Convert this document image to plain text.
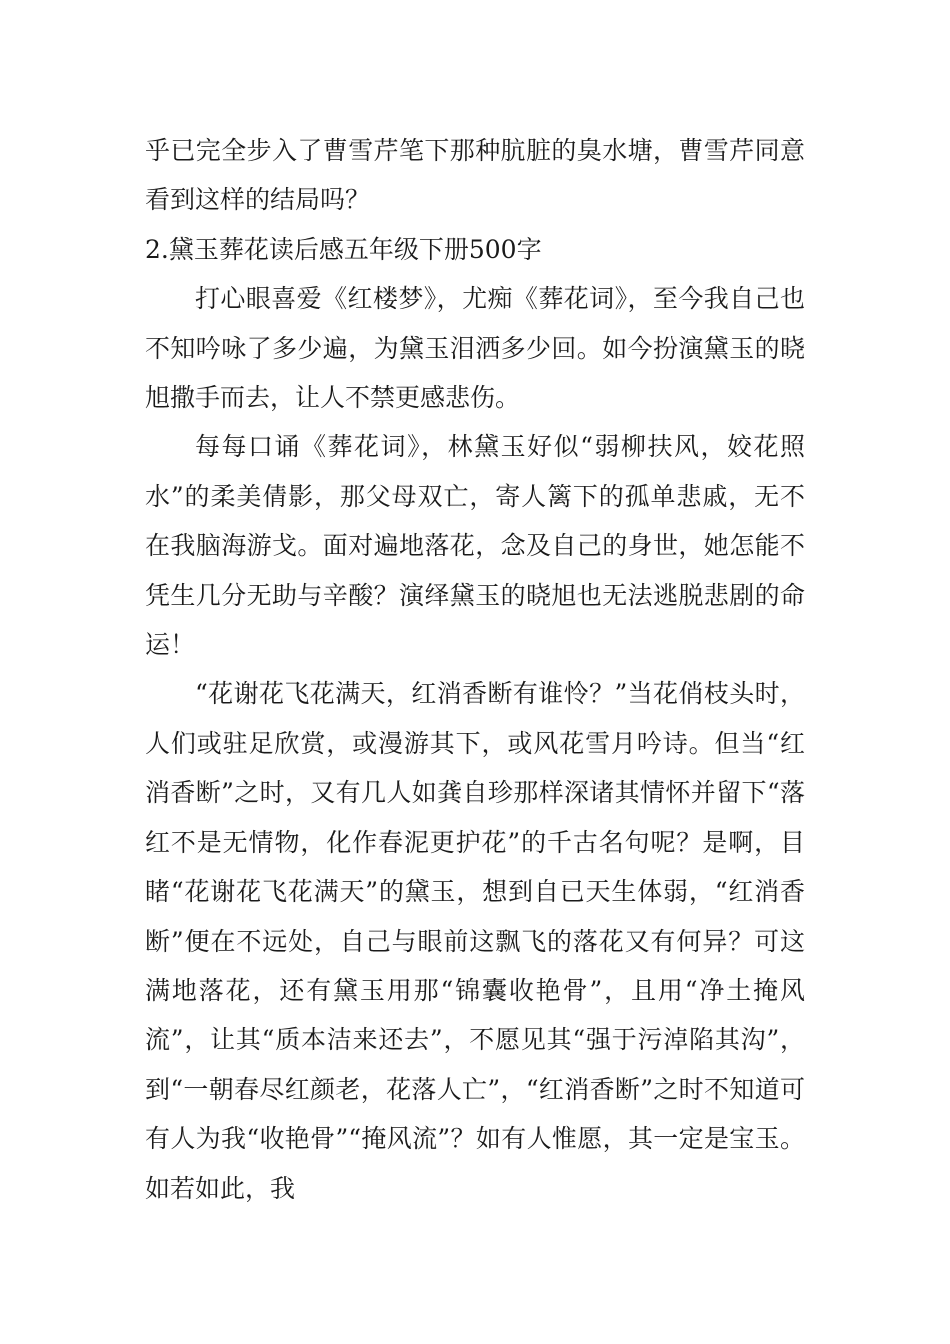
乎已完全步入了曹雪芹笔下那种肮脏的臭水塘，曹雪芹同意看到这样的结局吗？

2.黛玉葬花读后感五年级下册500字

打心眼喜爱《红楼梦》，尤痴《葬花词》，至今我自己也不知吟咏了多少遍，为黛玉泪洒多少回。如今扮演黛玉的晓旭撒手而去，让人不禁更感悲伤。

每每口诵《葬花词》，林黛玉好似“弱柳扶风，姣花照水”的柔美倩影，那父母双亡，寄人篱下的孤单悲戚，无不在我脑海游戈。面对遍地落花，念及自己的身世，她怎能不凭生几分无助与辛酸？演绎黛玉的晓旭也无法逃脱悲剧的命运！

“花谢花飞花满天，红消香断有谁怜？”当花俏枝头时，人们或驻足欣赏，或漫游其下，或风花雪月吟诗。但当“红消香断”之时，又有几人如龚自珍那样深诸其情怀并留下“落红不是无情物，化作春泥更护花”的千古名句呢？是啊，目睹“花谢花飞花满天”的黛玉，想到自已天生体弱，“红消香断”便在不远处，自己与眼前这飘飞的落花又有何异？可这满地落花，还有黛玉用那“锦囊收艳骨”，且用“净土掩风流”，让其“质本洁来还去”，不愿见其“强于污淖陷其沟”，到“一朝春尽红颜老，花落人亡”，“红消香断”之时不知道可有人为我“收艳骨”“掩风流”？如有人惟愿，其一定是宝玉。如若如此，我
